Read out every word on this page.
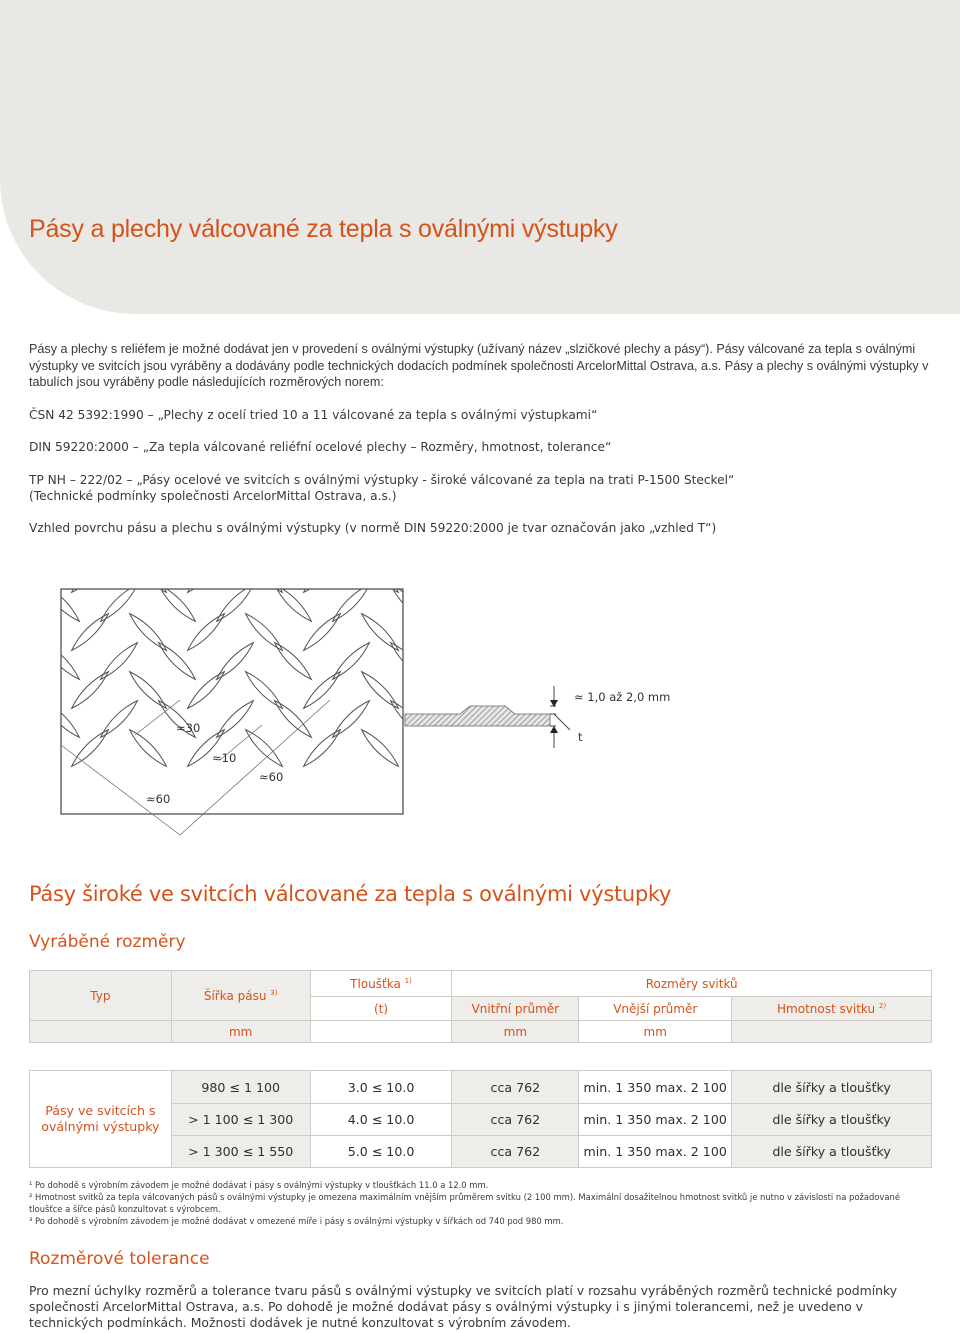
Pásy a plechy válcované za tepla s oválnými výstupky
Pásy a plechy s reliéfem je možné dodávat jen v provedení s oválnými výstupky (užívaný název „slzičkové plechy a pásy“). Pásy válcované za tepla s oválnými výstupky ve svitcích jsou vyráběny a dodávány podle technických dodacích podmínek společnosti ArcelorMittal Ostrava, a.s. Pásy a plechy s oválnými výstupky v tabulích jsou vyráběny podle následujících rozměrových norem:
ČSN 42 5392:1990 – „Plechy z ocelí tried 10 a 11 válcované za tepla s oválnými výstupkami“
DIN 59220:2000 – „Za tepla válcované reliéfní ocelové plechy – Rozměry, hmotnost, tolerance“
TP NH – 222/02 – „Pásy ocelové ve svitcích s oválnými výstupky - široké válcované za tepla na trati P-1500 Steckel“
(Technické podmínky společnosti ArcelorMittal Ostrava, a.s.)
Vzhled povrchu pásu a plechu s oválnými výstupky (v normě DIN 59220:2000 je tvar označován jako „vzhled T“)
≈30
≈10
≈60
≈60
≈ 1,0 až 2,0 mm
t
Pásy široké ve svitcích válcované za tepla s oválnými výstupky
Vyráběné rozměry
Typ	Šířka pásu $^{3)}$	Tloušťka $^{1)}$	Rozměry svitků		
		(t)	Vnitřní průměr	Vnější průměr	Hmotnost svitku $^{2)}$
	mm		mm	mm	
Pásy ve svitcích s oválnými výstupky	980 ≤ 1 100	3.0 ≤ 10.0	cca 762	min. 1 350 max. 2 100	dle šířky a tloušťky
	> 1 100 ≤ 1 300	4.0 ≤ 10.0	cca 762	min. 1 350 max. 2 100	dle šířky a tloušťky
	> 1 300 ≤ 1 550	5.0 ≤ 10.0	cca 762	min. 1 350 max. 2 100	dle šířky a tloušťky
¹ Po dohodě s výrobním závodem je možné dodávat i pásy s oválnými výstupky v tloušťkách 11.0 a 12.0 mm.
² Hmotnost svitků za tepla válcovaných pásů s oválnými výstupky je omezena maximálním vnějším průměrem svitku (2 100 mm). Maximální dosažitelnou hmotnost svitků je nutno v závislosti na požadované tloušťce a šířce pásů konzultovat s výrobcem.
³ Po dohodě s výrobním závodem je možné dodávat v omezené míře i pásy s oválnými výstupky v šířkách od 740 pod 980 mm.
Rozměrové tolerance
Pro mezní úchylky rozměrů a tolerance tvaru pásů s oválnými výstupky ve svitcích platí v rozsahu vyráběných rozměrů technické podmínky společnosti ArcelorMittal Ostrava, a.s. Po dohodě je možné dodávat pásy s oválnými výstupky i s jinými tolerancemi, než je uvedeno v technických podmínkách. Možnosti dodávek je nutné konzultovat s výrobním závodem.
